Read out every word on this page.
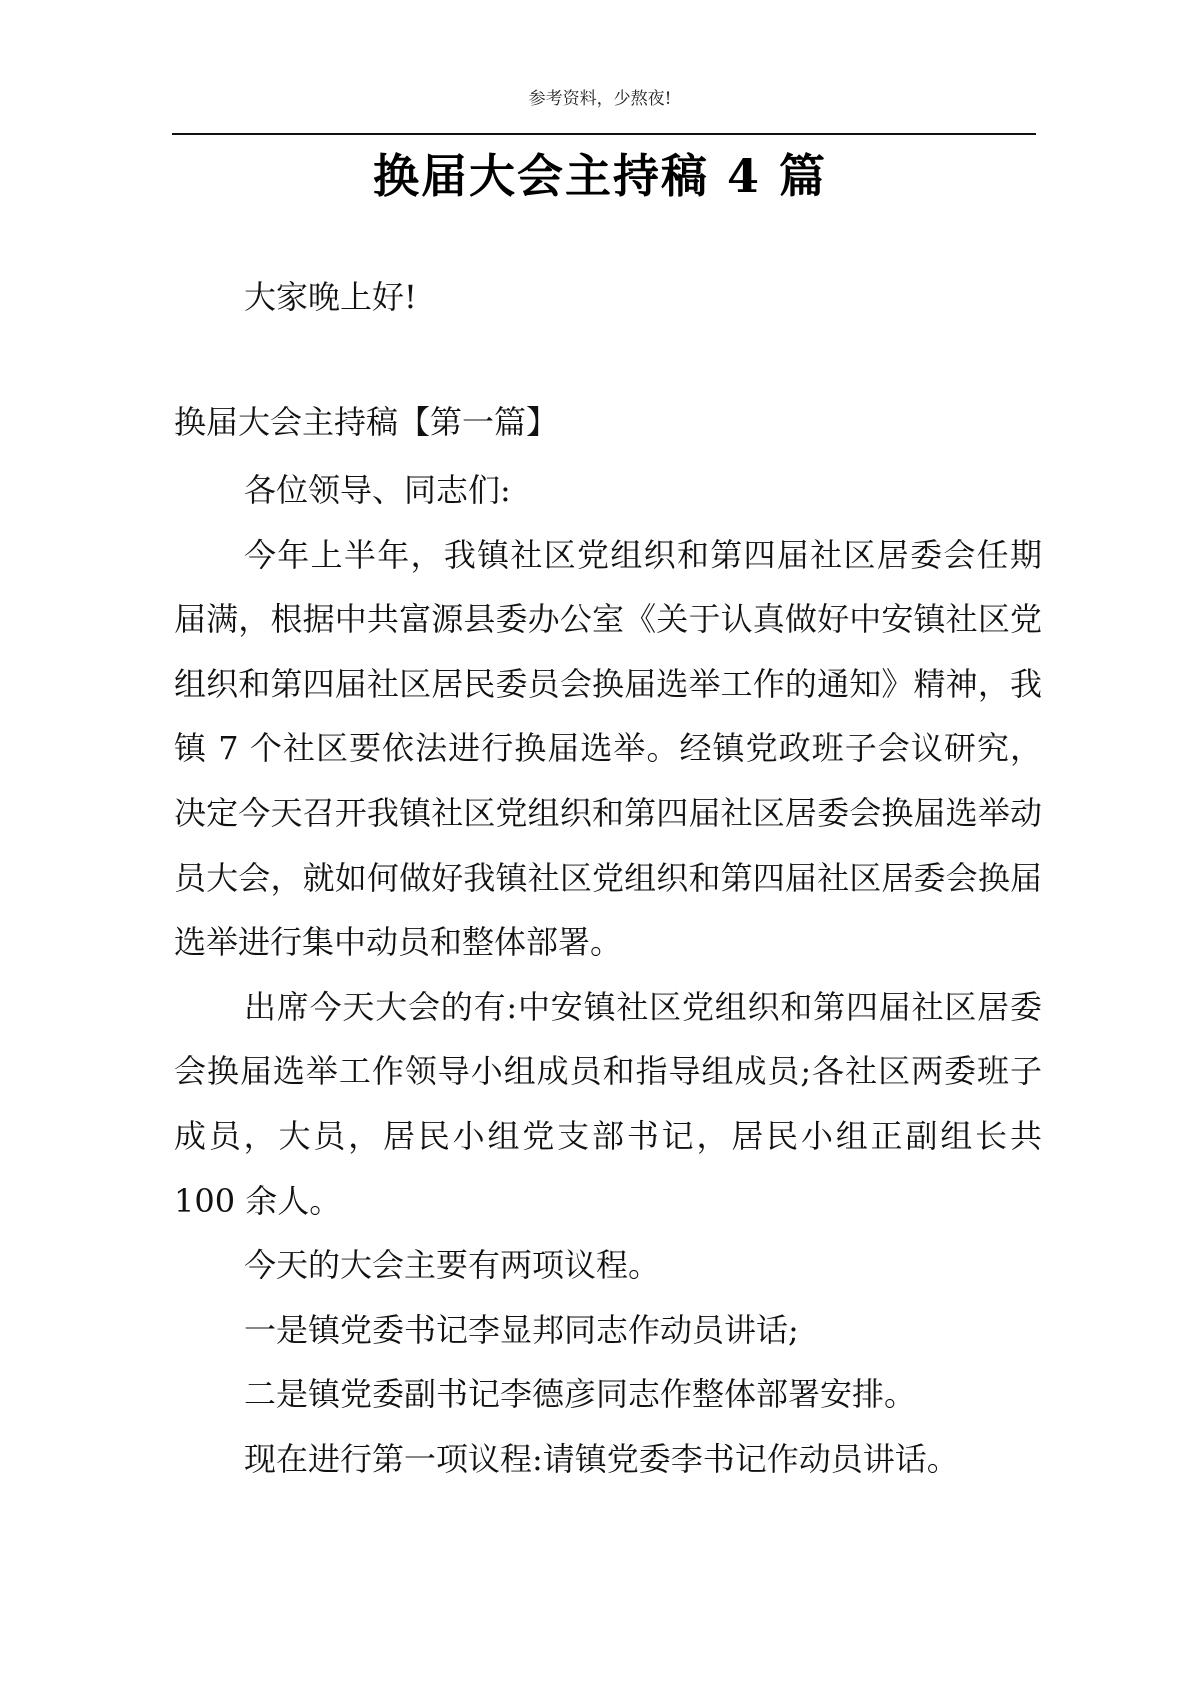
参考资料，少熬夜!
换届大会主持稿 4 篇
大家晚上好!
换届大会主持稿【第一篇】

各位领导、同志们:

今年上半年，我镇社区党组织和第四届社区居委会任期届满，根据中共富源县委办公室《关于认真做好中安镇社区党组织和第四届社区居民委员会换届选举工作的通知》精神，我镇 7 个社区要依法进行换届选举。经镇党政班子会议研究，决定今天召开我镇社区党组织和第四届社区居委会换届选举动员大会，就如何做好我镇社区党组织和第四届社区居委会换届选举进行集中动员和整体部署。

出席今天大会的有:中安镇社区党组织和第四届社区居委会换届选举工作领导小组成员和指导组成员;各社区两委班子成员，大员，居民小组党支部书记，居民小组正副组长共 100 余人。

今天的大会主要有两项议程。

一是镇党委书记李显邦同志作动员讲话;

二是镇党委副书记李德彦同志作整体部署安排。

现在进行第一项议程:请镇党委李书记作动员讲话。
